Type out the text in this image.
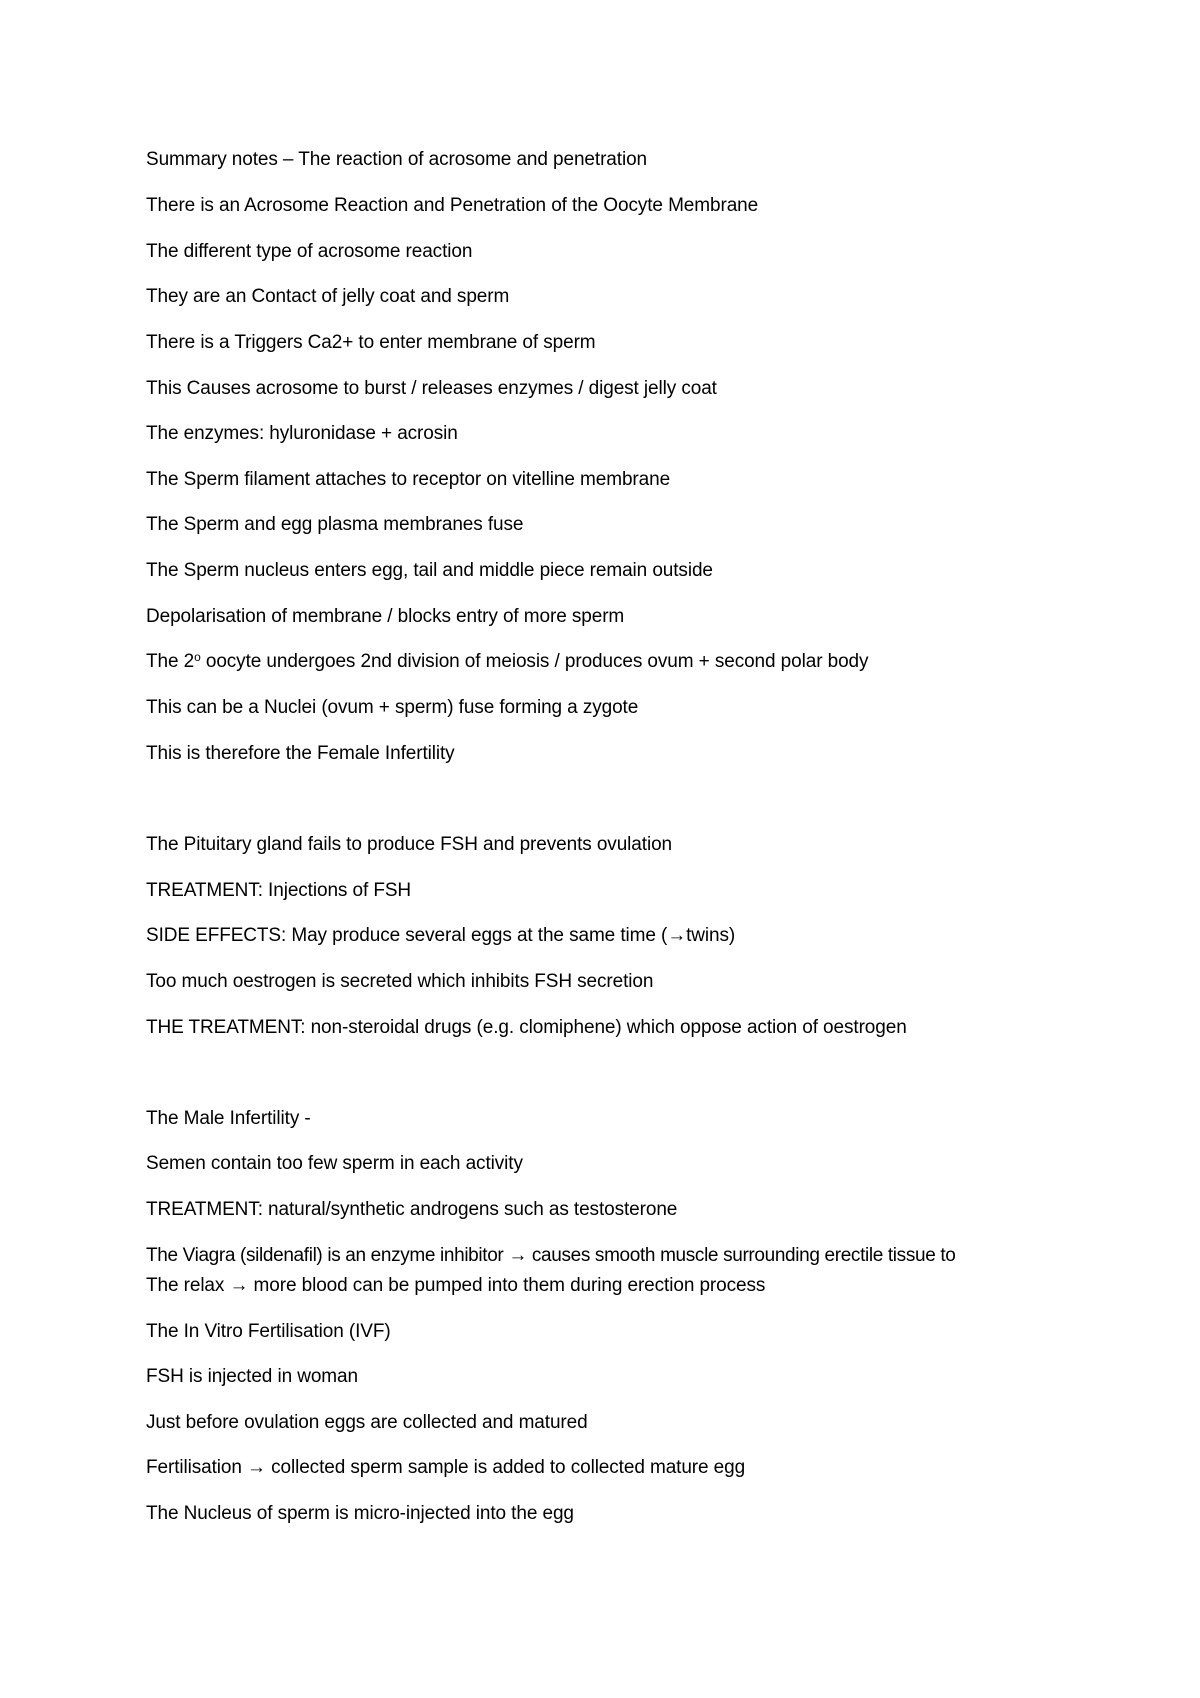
Summary notes – The reaction of acrosome and penetration

There is an Acrosome Reaction and Penetration of the Oocyte Membrane

The different type of acrosome reaction

They are an Contact of jelly coat and sperm

There is a Triggers Ca2+ to enter membrane of sperm

This Causes acrosome to burst / releases enzymes / digest jelly coat

The enzymes: hyluronidase + acrosin

The Sperm filament attaches to receptor on vitelline membrane

The Sperm and egg plasma membranes fuse

The Sperm nucleus enters egg, tail and middle piece remain outside

Depolarisation of membrane / blocks entry of more sperm

The 2$^o$ oocyte undergoes 2nd division of meiosis / produces ovum + second polar body

This can be a Nuclei (ovum + sperm) fuse forming a zygote

This is therefore the Female Infertility

The Pituitary gland fails to produce FSH and prevents ovulation

TREATMENT: Injections of FSH

SIDE EFFECTS: May produce several eggs at the same time (→twins)

Too much oestrogen is secreted which inhibits FSH secretion

THE TREATMENT: non-steroidal drugs (e.g. clomiphene) which oppose action of oestrogen

The Male Infertility -

Semen contain too few sperm in each activity

TREATMENT: natural/synthetic androgens such as testosterone

The Viagra (sildenafil) is an enzyme inhibitor → causes smooth muscle surrounding erectile tissue to

The relax → more blood can be pumped into them during erection process

The In Vitro Fertilisation (IVF)

FSH is injected in woman

Just before ovulation eggs are collected and matured

Fertilisation → collected sperm sample is added to collected mature egg

The Nucleus of sperm is micro-injected into the egg
